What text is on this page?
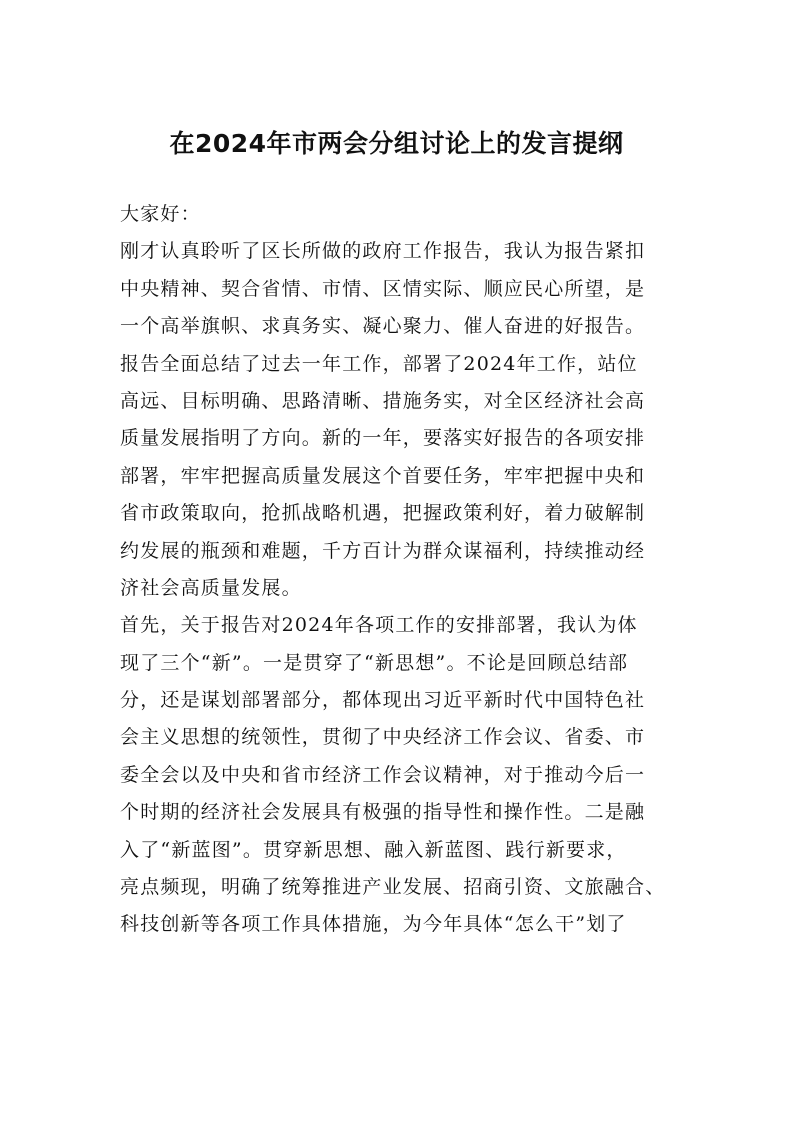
在2024年市两会分组讨论上的发言提纲
大家好：
刚才认真聆听了区长所做的政府工作报告，我认为报告紧扣
中央精神、契合省情、市情、区情实际、顺应民心所望，是
一个高举旗帜、求真务实、凝心聚力、催人奋进的好报告。
报告全面总结了过去一年工作，部署了2024年工作，站位
高远、目标明确、思路清晰、措施务实，对全区经济社会高
质量发展指明了方向。新的一年，要落实好报告的各项安排
部署，牢牢把握高质量发展这个首要任务，牢牢把握中央和
省市政策取向，抢抓战略机遇，把握政策利好，着力破解制
约发展的瓶颈和难题，千方百计为群众谋福利，持续推动经
济社会高质量发展。
首先，关于报告对2024年各项工作的安排部署，我认为体
现了三个“新”。一是贯穿了“新思想”。不论是回顾总结部
分，还是谋划部署部分，都体现出习近平新时代中国特色社
会主义思想的统领性，贯彻了中央经济工作会议、省委、市
委全会以及中央和省市经济工作会议精神，对于推动今后一
个时期的经济社会发展具有极强的指导性和操作性。二是融
入了“新蓝图”。贯穿新思想、融入新蓝图、践行新要求，
亮点频现，明确了统筹推进产业发展、招商引资、文旅融合、
科技创新等各项工作具体措施，为今年具体“怎么干”划了
